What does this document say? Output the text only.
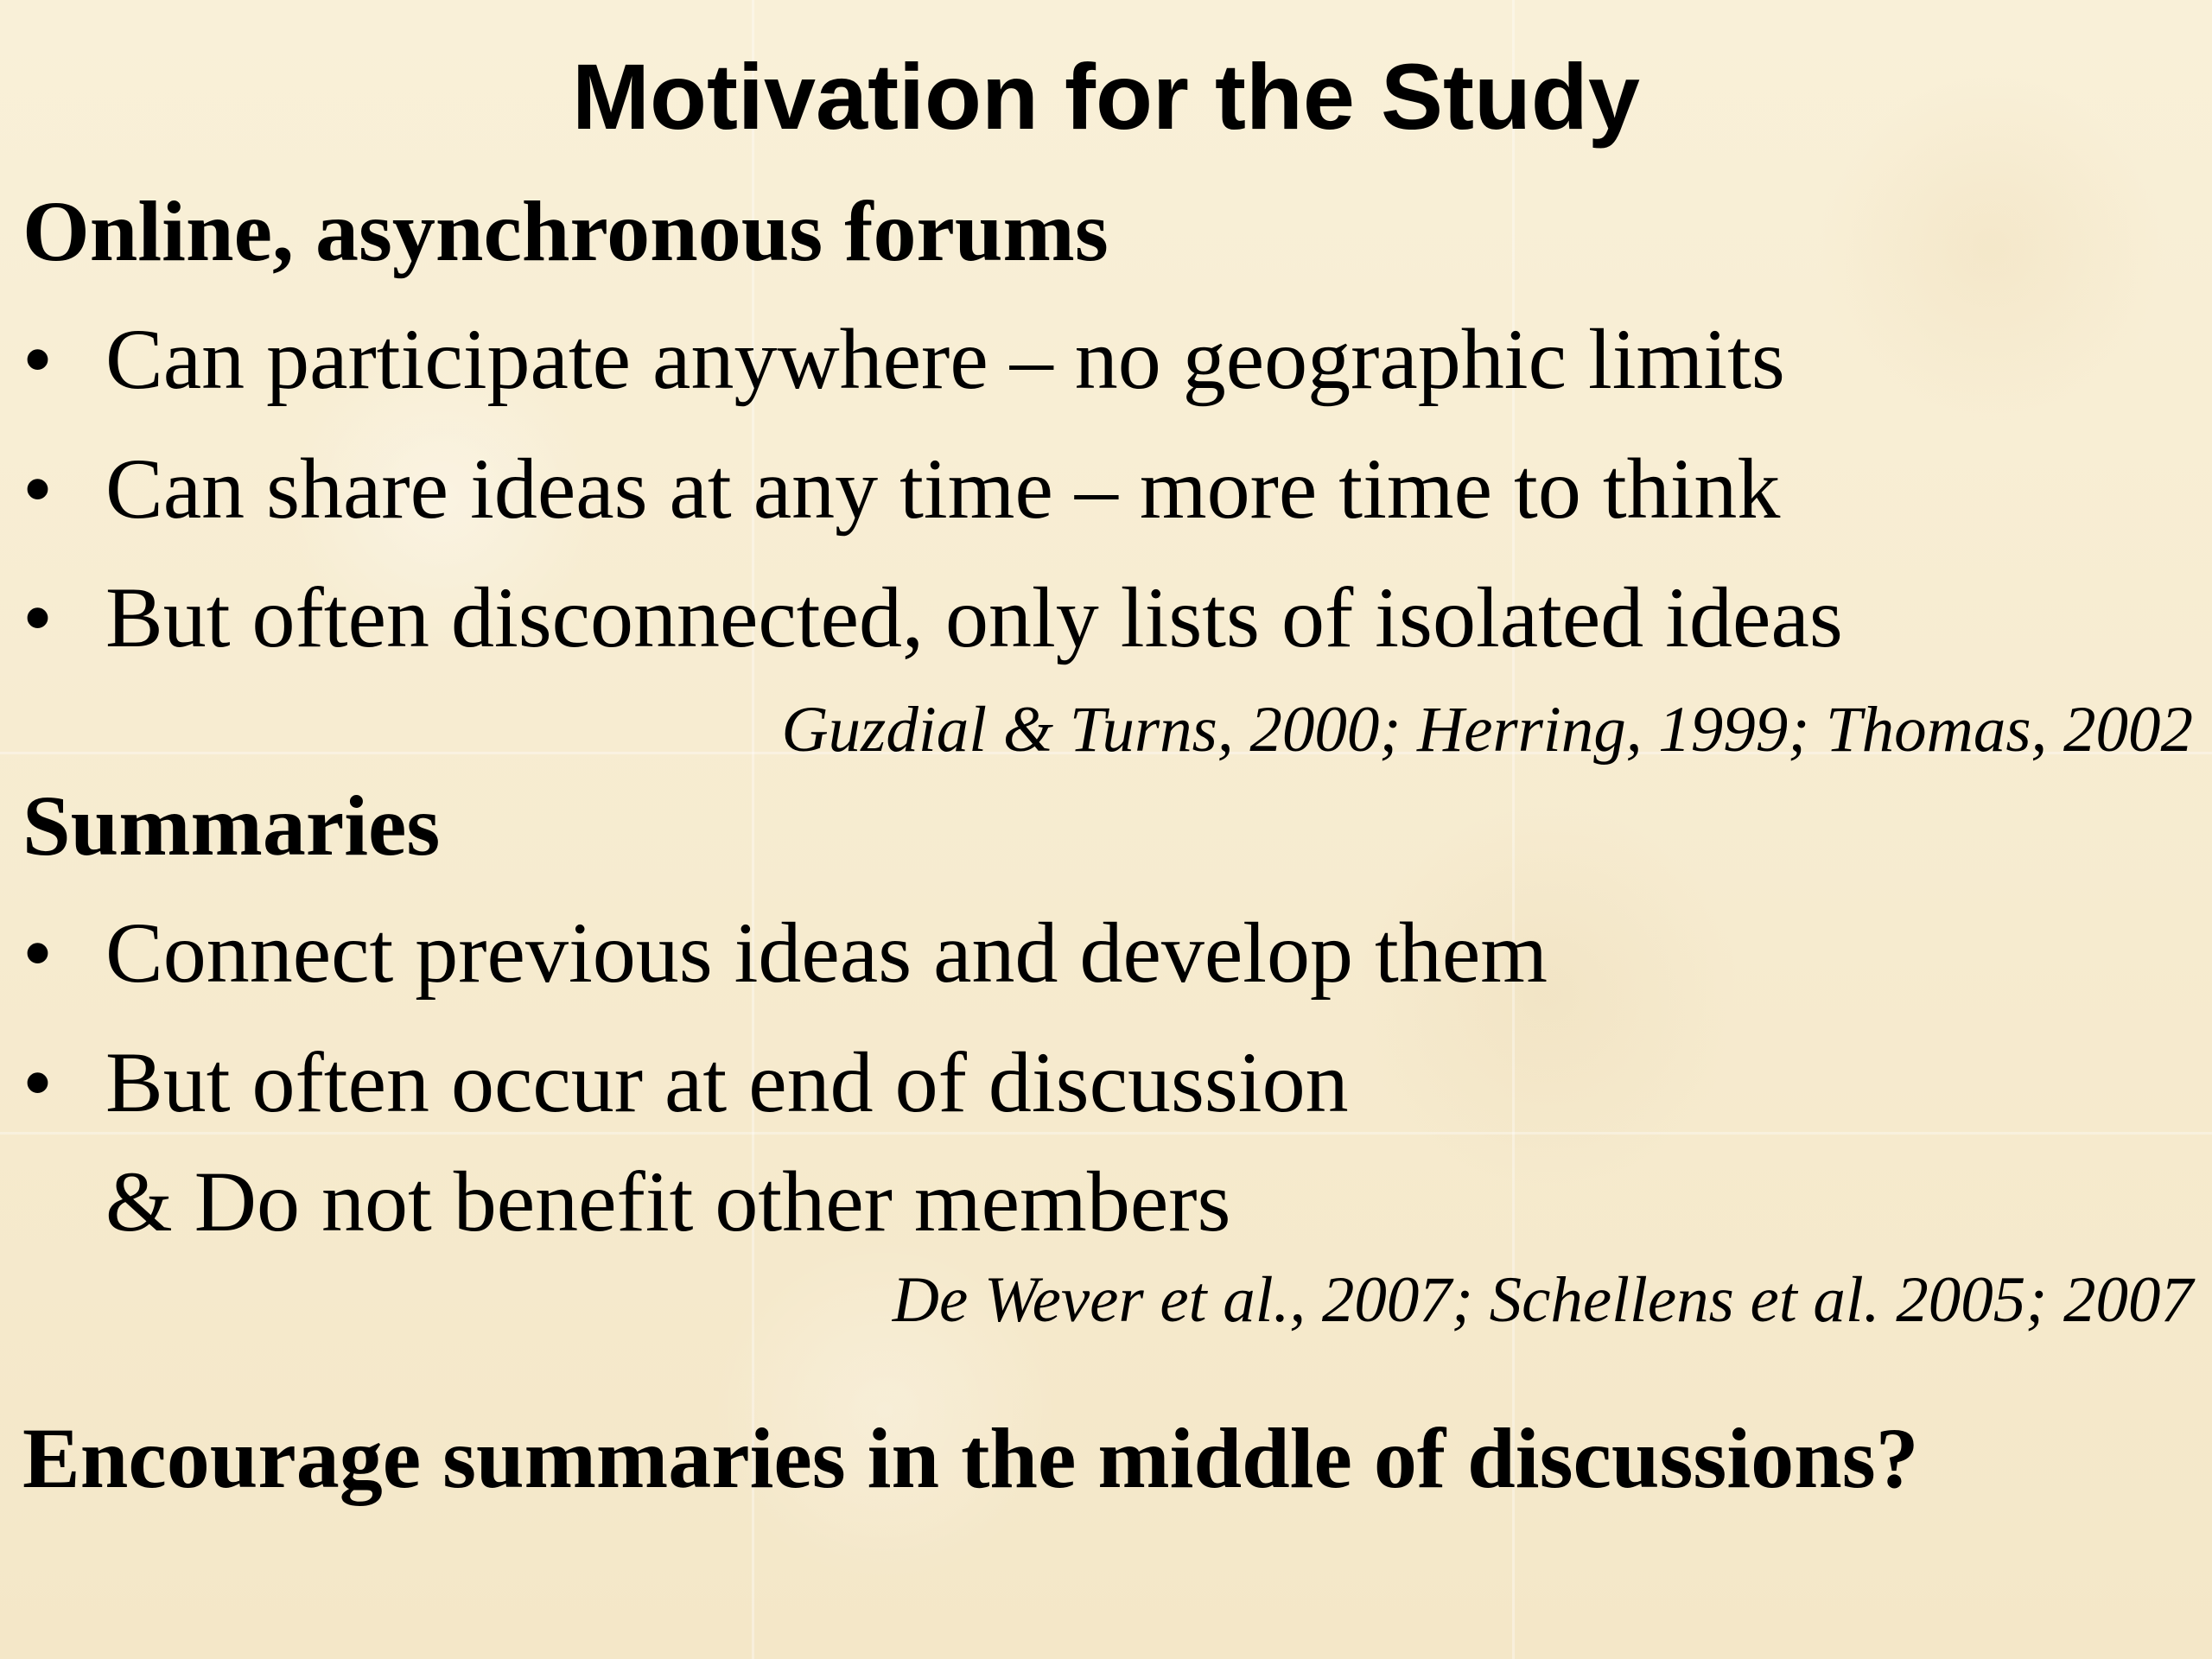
Motivation for the Study
Online, asynchronous forums
• Can participate anywhere – no geographic limits
• Can share ideas at any time – more time to think
• But often disconnected, only lists of isolated ideas
Guzdial & Turns, 2000; Herring, 1999; Thomas, 2002
Summaries
• Connect previous ideas and develop them
• But often occur at end of discussion
& Do not benefit other members
De Wever et al., 2007; Schellens et al. 2005; 2007

Encourage summaries in the middle of discussions?
